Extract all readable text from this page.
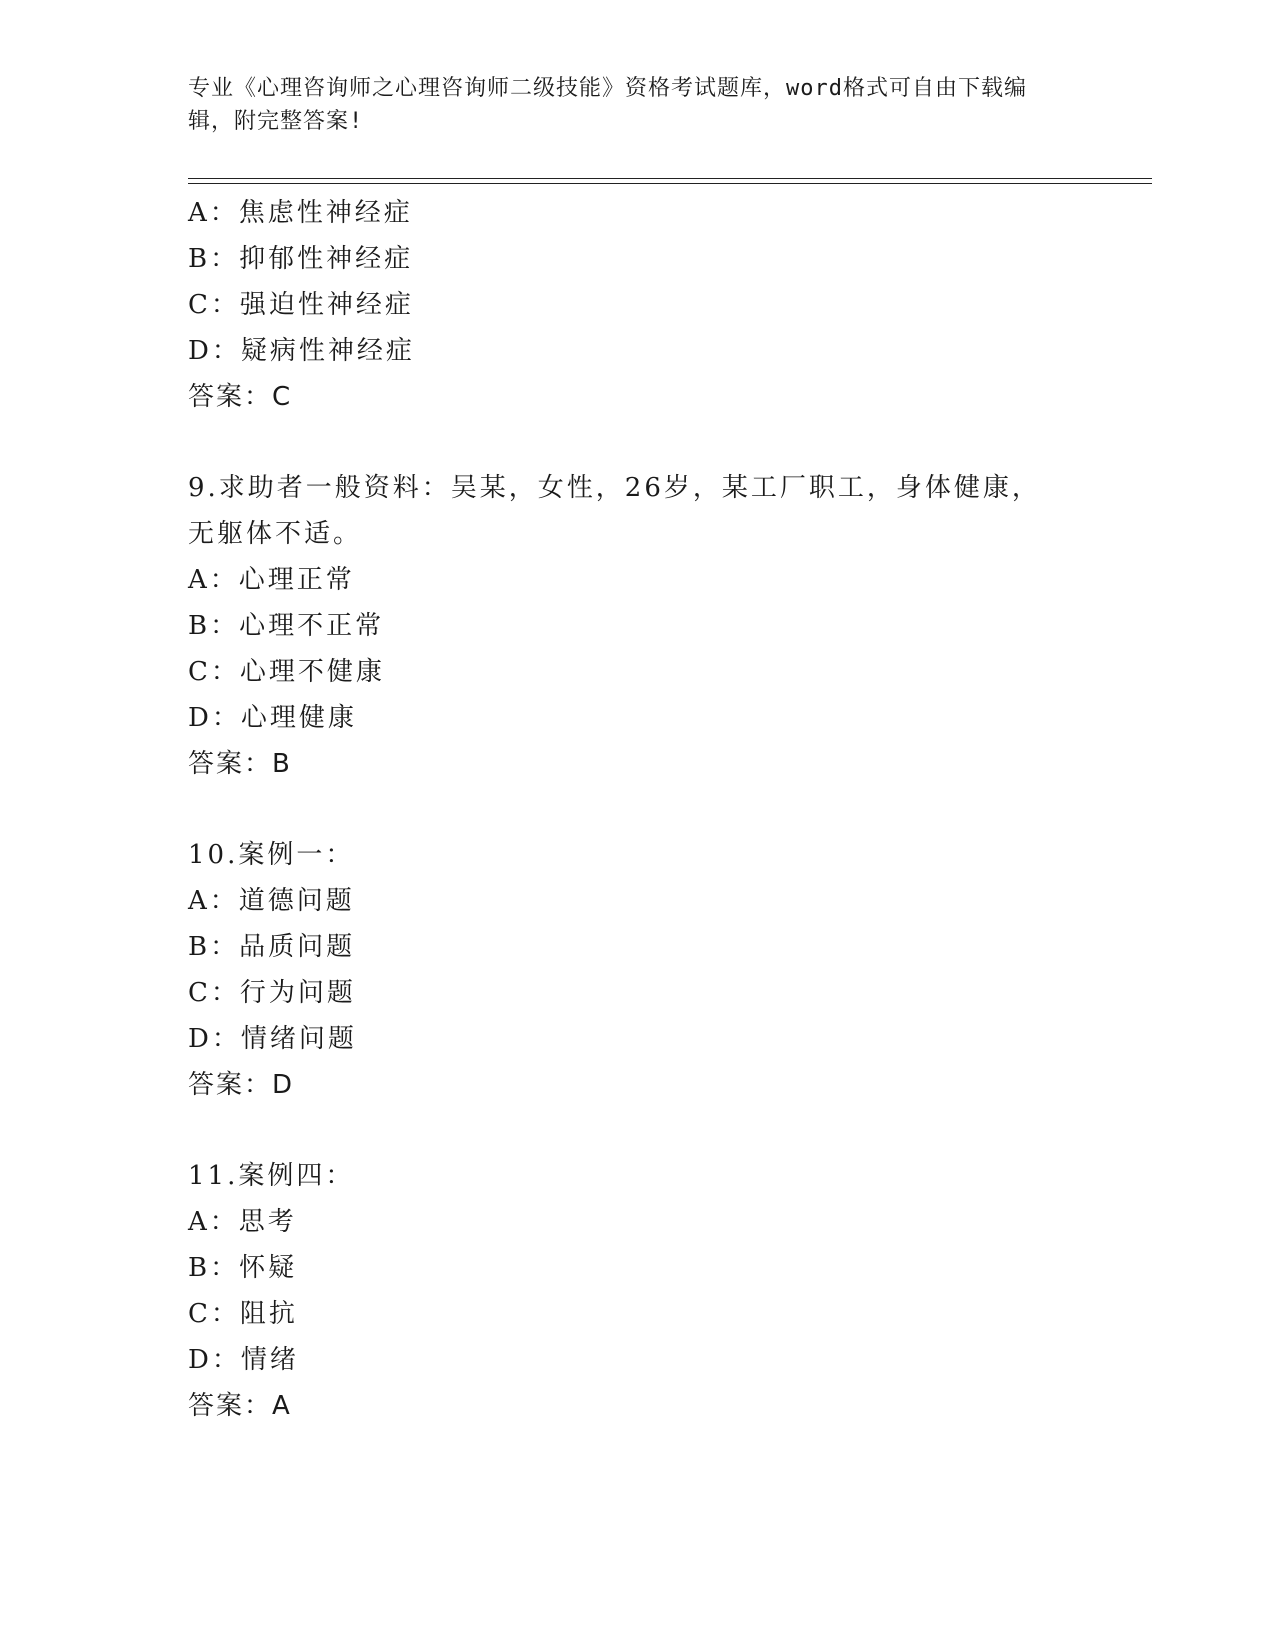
专业《心理咨询师之心理咨询师二级技能》资格考试题库，word格式可自由下载编辑，附完整答案!
A：焦虑性神经症
B：抑郁性神经症
C：强迫性神经症
D：疑病性神经症
答案：C
9.求助者一般资料：吴某，女性，26岁，某工厂职工，身体健康，无躯体不适。
A：心理正常
B：心理不正常
C：心理不健康
D：心理健康
答案：B
10.案例一：
A：道德问题
B：品质问题
C：行为问题
D：情绪问题
答案：D
11.案例四：
A：思考
B：怀疑
C：阻抗
D：情绪
答案：A
